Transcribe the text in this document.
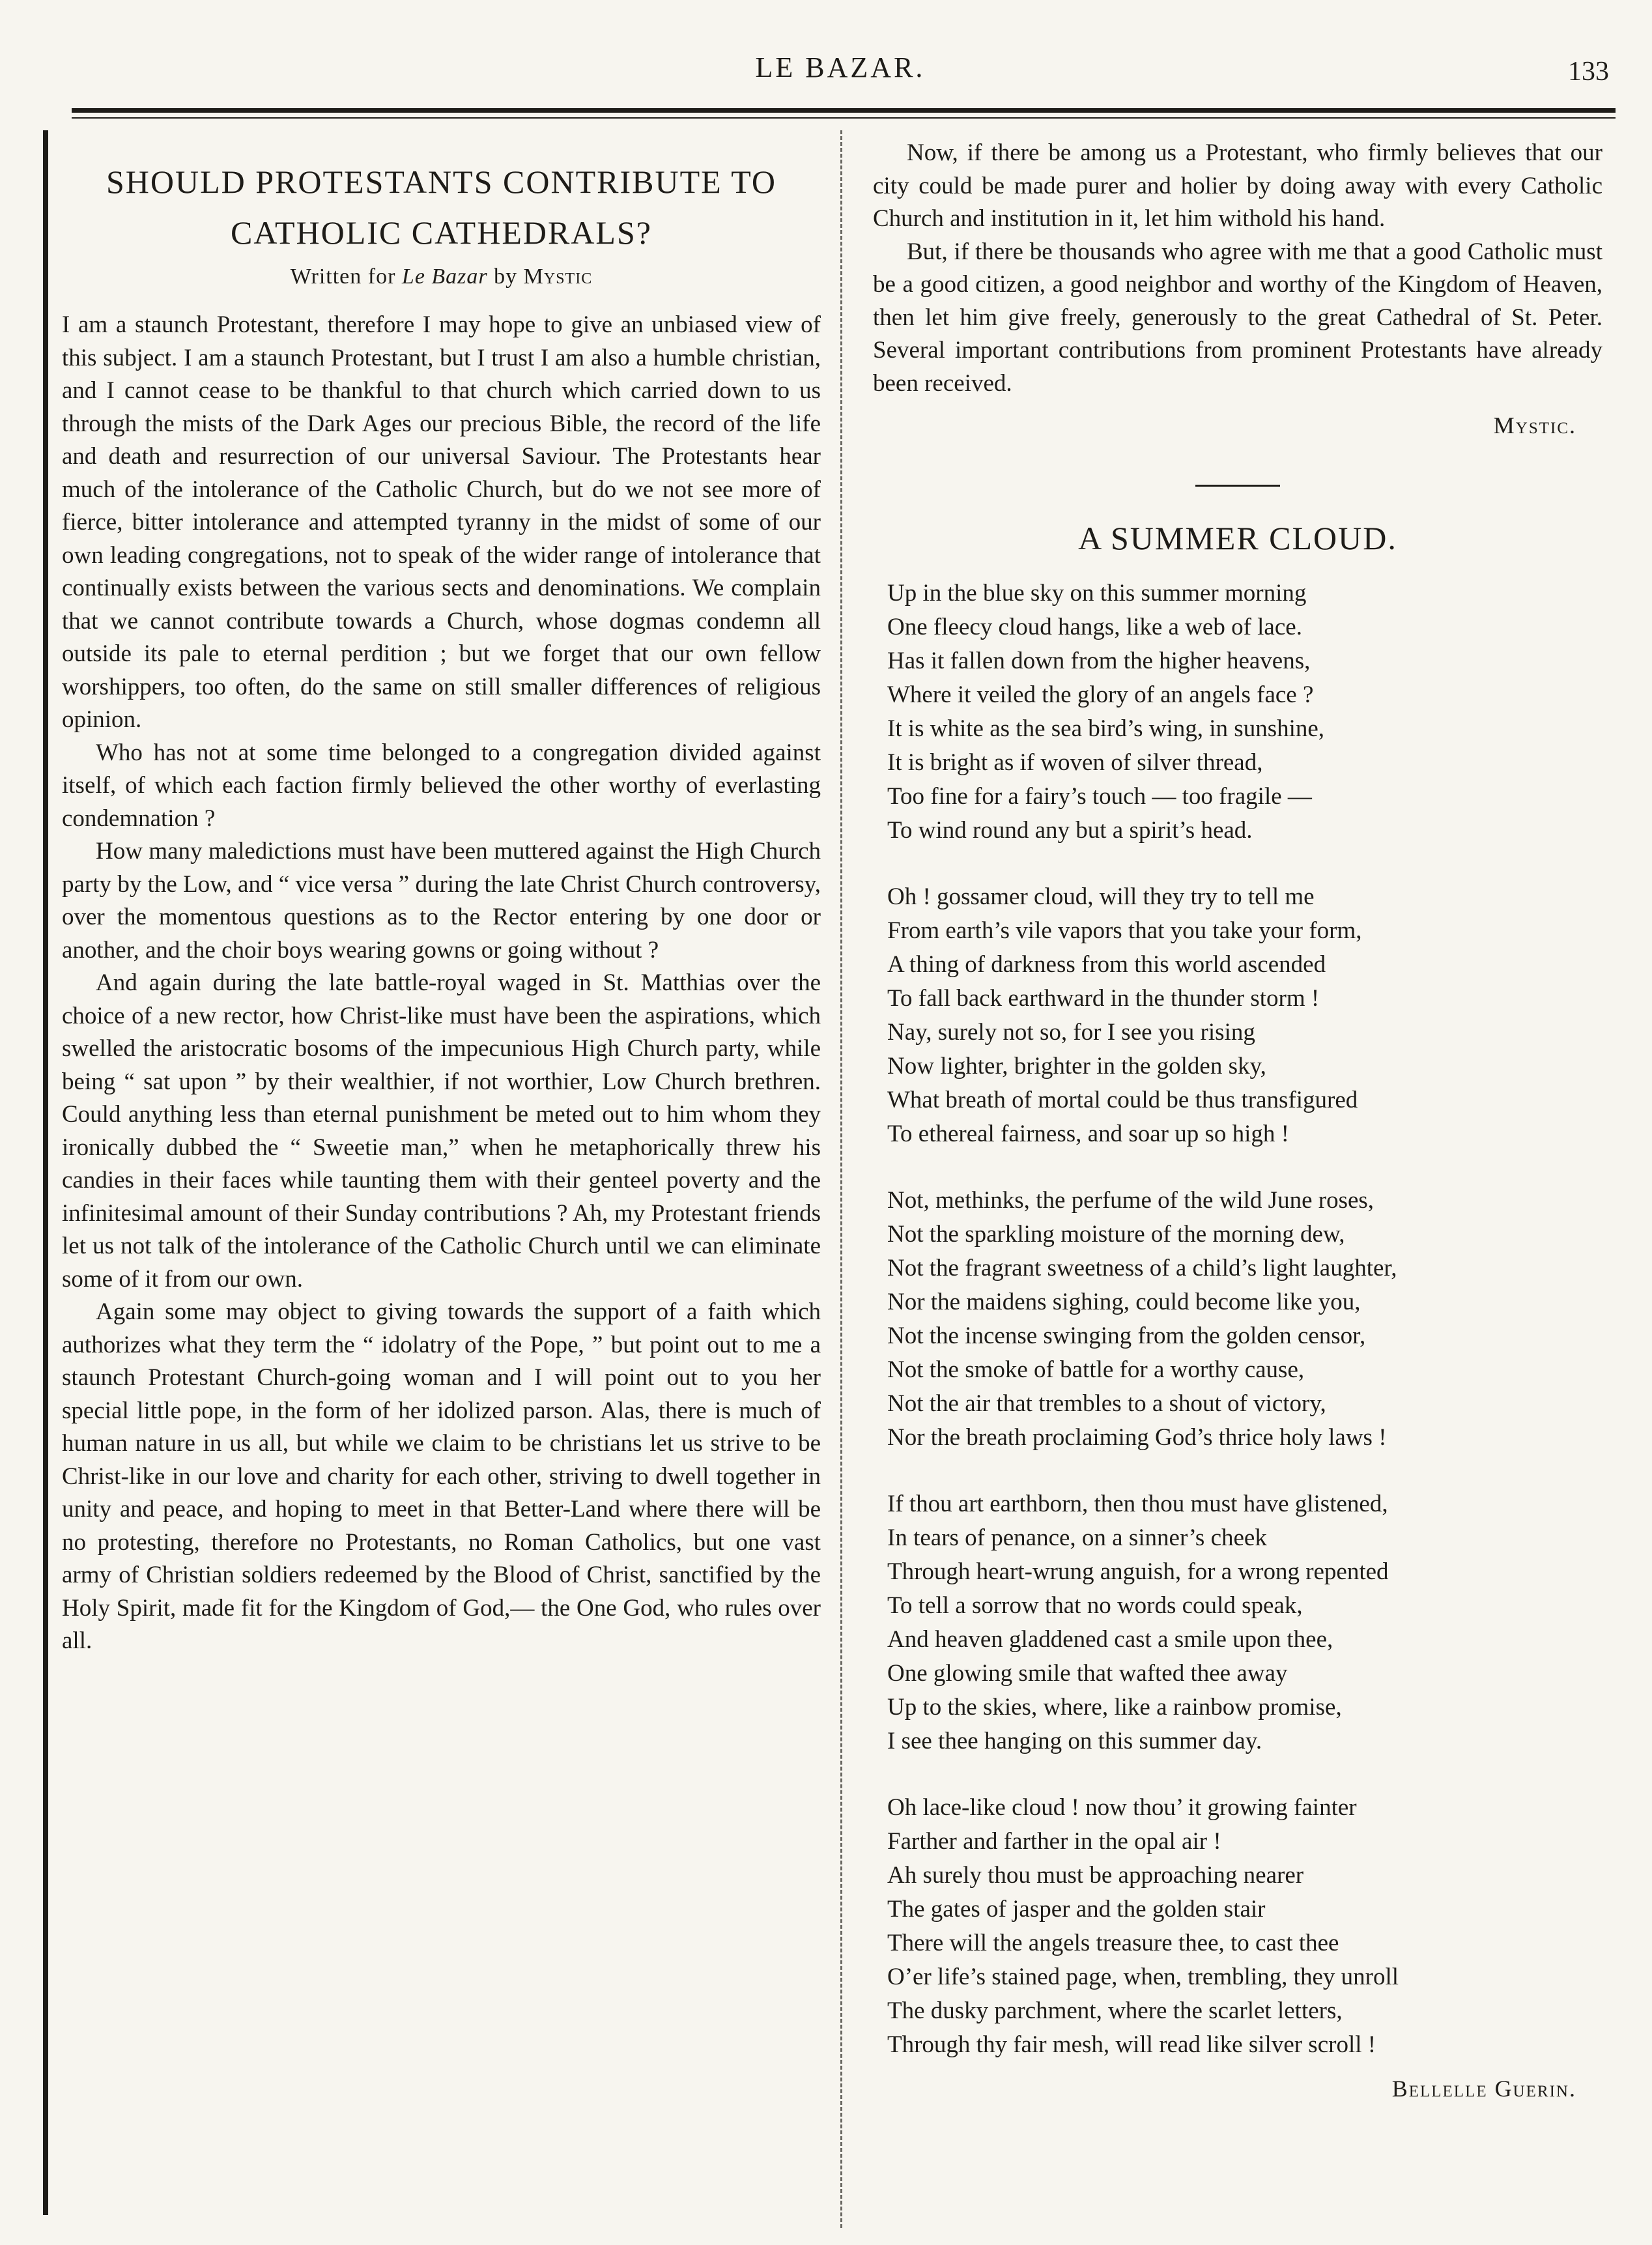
LE BAZAR.	133
SHOULD PROTESTANTS CONTRIBUTE TO
CATHOLIC CATHEDRALS?
Written for Le Bazar by Mystic

I am a staunch Protestant, therefore I may hope to give an unbiased view of this subject. I am a staunch Protestant, but I trust I am also a humble christian, and I cannot cease to be thankful to that church which carried down to us through the mists of the Dark Ages our precious Bible, the record of the life and death and resurrection of our universal Saviour. The Protestants hear much of the intolerance of the Catholic Church, but do we not see more of fierce, bitter intolerance and attempted tyranny in the midst of some of our own leading congregations, not to speak of the wider range of intolerance that continually exists between the various sects and denominations. We complain that we cannot contribute towards a Church, whose dogmas condemn all outside its pale to eternal perdition ; but we forget that our own fellow worshippers, too often, do the same on still smaller differences of religious opinion.

Who has not at some time belonged to a congregation divided against itself, of which each faction firmly believed the other worthy of everlasting condemnation ?

How many maledictions must have been muttered against the High Church party by the Low, and “ vice versa ” during the late Christ Church controversy, over the momentous questions as to the Rector entering by one door or another, and the choir boys wearing gowns or going without ?

And again during the late battle-royal waged in St. Matthias over the choice of a new rector, how Christ-like must have been the aspirations, which swelled the aristocratic bosoms of the impecunious High Church party, while being “ sat upon ” by their wealthier, if not worthier, Low Church brethren. Could anything less than eternal punishment be meted out to him whom they ironically dubbed the “ Sweetie man,” when he metaphorically threw his candies in their faces while taunting them with their genteel poverty and the infinitesimal amount of their Sunday contributions ? Ah, my Protestant friends let us not talk of the intolerance of the Catholic Church until we can eliminate some of it from our own.

Again some may object to giving towards the support of a faith which authorizes what they term the “ idolatry of the Pope, ” but point out to me a staunch Protestant Church-going woman and I will point out to you her special little pope, in the form of her idolized parson. Alas, there is much of human nature in us all, but while we claim to be christians let us strive to be Christ-like in our love and charity for each other, striving to dwell together in unity and peace, and hoping to meet in that Better-Land where there will be no protesting, therefore no Protestants, no Roman Catholics, but one vast army of Christian soldiers redeemed by the Blood of Christ, sanctified by the Holy Spirit, made fit for the Kingdom of God,— the One God, who rules over all.

Now, if there be among us a Protestant, who firmly believes that our city could be made purer and holier by doing away with every Catholic Church and institution in it, let him withold his hand.

But, if there be thousands who agree with me that a good Catholic must be a good citizen, a good neighbor and worthy of the Kingdom of Heaven, then let him give freely, generously to the great Cathedral of St. Peter. Several important contributions from prominent Protestants have already been received.

Mystic.
A SUMMER CLOUD.
Up in the blue sky on this summer morning
One fleecy cloud hangs, like a web of lace.
Has it fallen down from the higher heavens,
Where it veiled the glory of an angels face ?
It is white as the sea bird’s wing, in sunshine,
It is bright as if woven of silver thread,
Too fine for a fairy’s touch — too fragile —
To wind round any but a spirit’s head.
Oh ! gossamer cloud, will they try to tell me
From earth’s vile vapors that you take your form,
A thing of darkness from this world ascended
To fall back earthward in the thunder storm !
Nay, surely not so, for I see you rising
Now lighter, brighter in the golden sky,
What breath of mortal could be thus transfigured
To ethereal fairness, and soar up so high !
Not, methinks, the perfume of the wild June roses,
Not the sparkling moisture of the morning dew,
Not the fragrant sweetness of a child’s light laughter,
Nor the maidens sighing, could become like you,
Not the incense swinging from the golden censor,
Not the smoke of battle for a worthy cause,
Not the air that trembles to a shout of victory,
Nor the breath proclaiming God’s thrice holy laws !
If thou art earthborn, then thou must have glistened,
In tears of penance, on a sinner’s cheek
Through heart-wrung anguish, for a wrong repented
To tell a sorrow that no words could speak,
And heaven gladdened cast a smile upon thee,
One glowing smile that wafted thee away
Up to the skies, where, like a rainbow promise,
I see thee hanging on this summer day.
Oh lace-like cloud ! now thou’ it growing fainter
Farther and farther in the opal air !
Ah surely thou must be approaching nearer
The gates of jasper and the golden stair
There will the angels treasure thee, to cast thee
O’er life’s stained page, when, trembling, they unroll
The dusky parchment, where the scarlet letters,
Through thy fair mesh, will read like silver scroll !
Bellelle Guerin.
